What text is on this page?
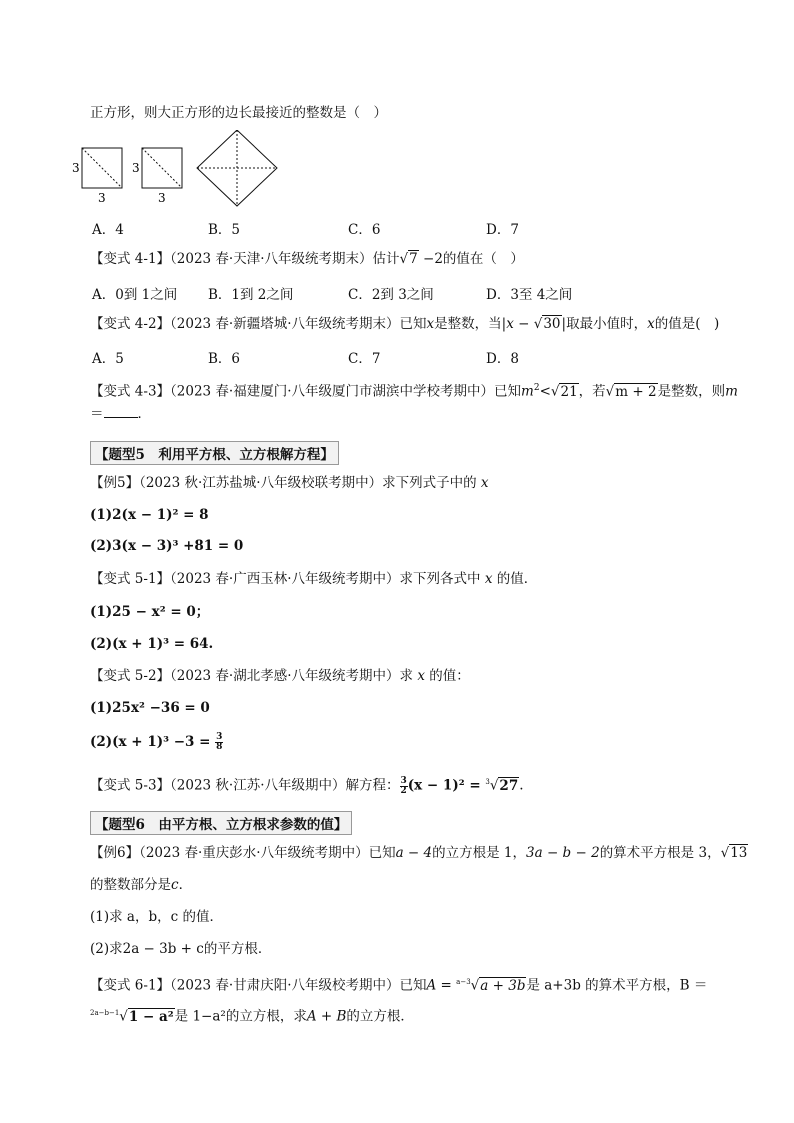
正方形，则大正方形的边长最接近的整数是（　）
3
3
3
3
A．4	B．5	C．6	D．7
【变式 4-1】（2023 春·天津·八年级统考期末）估计√7 −2的值在（　）
A．0到 1之间 B．1到 2之间	C．2到 3之间	D．3至 4之间
【变式 4-2】（2023 春·新疆塔城·八年级统考期末）已知x是整数，当|x − √30|取最小值时，x的值是(　)
A．5	B．6	C．7	D．8
【变式 4-3】（2023 春·福建厦门·八年级厦门市湖滨中学校考期中）已知$m^2<√21$，若√m + 2是整数，则m
＝	．
【题型5　利用平方根、立方根解方程】
【例5】（2023 秋·江苏盐城·八年级校联考期中）求下列式子中的 x
(1)2(x − 1)² = 8
(2)3(x − 3)³ +81 = 0
【变式 5-1】（2023 春·广西玉林·八年级统考期中）求下列各式中 x 的值．
(1)25 − x² = 0；
(2)(x + 1)³ = 64.
【变式 5-2】（2023 春·湖北孝感·八年级统考期中）求 x 的值：
(1)25x² −36 = 0
$(2)(x + 1)^3 -3 = \frac{3}{8}$
【变式 5-3】（2023 秋·江苏·八年级期中）解方程： $\frac{3}{2} (x - 1)^2 = ^3√27$.
【题型6　由平方根、立方根求参数的值】
【例6】（2023 春·重庆彭水·八年级统考期中）已知a − 4的立方根是 1，3a − b − 2的算术平方根是 3，√13
的整数部分是c．
(1)求 a，b，c 的值．
(2)求2a − 3b + c的平方根．
【变式 6-1】（2023 春·甘肃庆阳·八年级校考期中）已知A = $^{a-3}$√a + 3b是 a+3b 的算术平方根，B ＝
$^{2a-b-1}$√1 − a²是 1−a²的立方根，求A + B的立方根．
